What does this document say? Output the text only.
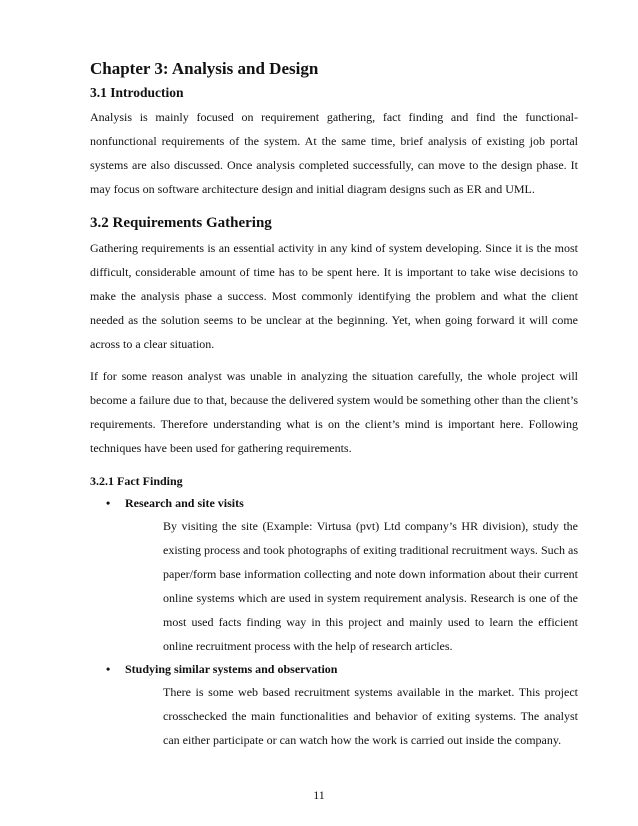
Chapter 3: Analysis and Design
3.1 Introduction

Analysis is mainly focused on requirement gathering, fact finding and find the functional-nonfunctional requirements of the system. At the same time, brief analysis of existing job portal systems are also discussed. Once analysis completed successfully, can move to the design phase. It may focus on software architecture design and initial diagram designs such as ER and UML.

3.2 Requirements Gathering

Gathering requirements is an essential activity in any kind of system developing. Since it is the most difficult, considerable amount of time has to be spent here. It is important to take wise decisions to make the analysis phase a success. Most commonly identifying the problem and what the client needed as the solution seems to be unclear at the beginning. Yet, when going forward it will come across to a clear situation.

If for some reason analyst was unable in analyzing the situation carefully, the whole project will become a failure due to that, because the delivered system would be something other than the client’s requirements. Therefore understanding what is on the client’s mind is important here. Following techniques have been used for gathering requirements.

3.2.1 Fact Finding
•	Research and site visits
By visiting the site (Example: Virtusa (pvt) Ltd company’s HR division), study the existing process and took photographs of exiting traditional recruitment ways. Such as paper/form base information collecting and note down information about their current online systems which are used in system requirement analysis. Research is one of the most used facts finding way in this project and mainly used to learn the efficient online recruitment process with the help of research articles.
•	Studying similar systems and observation
There is some web based recruitment systems available in the market. This project crosschecked the main functionalities and behavior of exiting systems. The analyst can either participate or can watch how the work is carried out inside the company.
11
